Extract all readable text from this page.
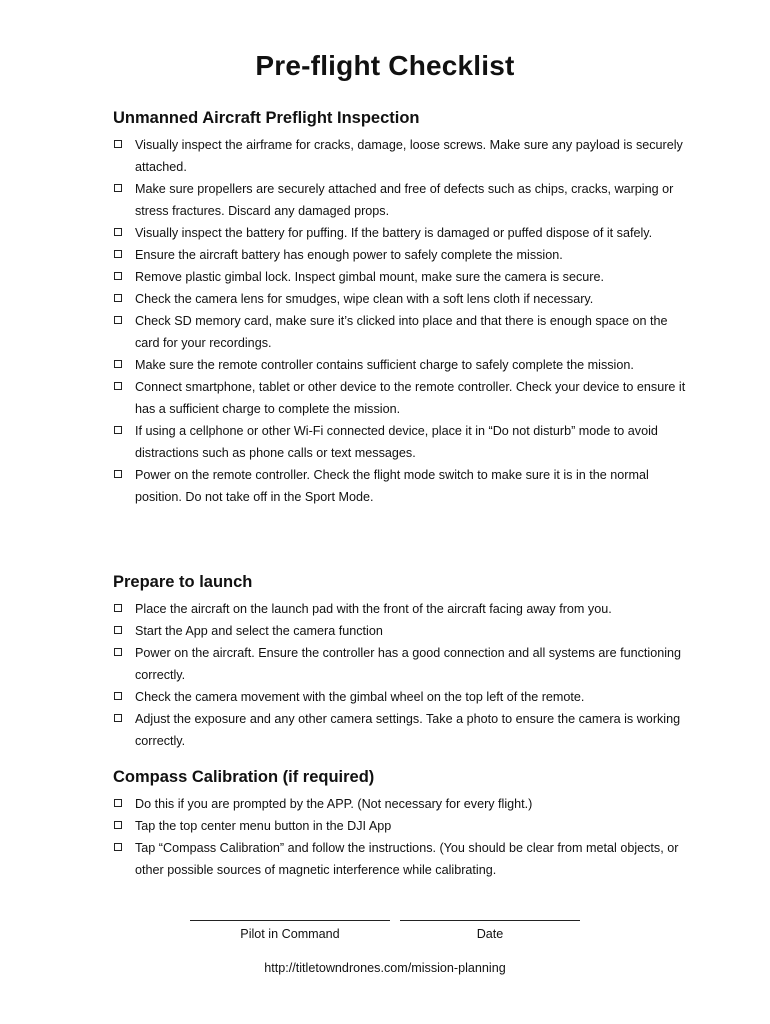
Pre-flight Checklist
Unmanned Aircraft Preflight Inspection
Visually inspect the airframe for cracks, damage, loose screws. Make sure any payload is securely attached.
Make sure propellers are securely attached and free of defects such as chips, cracks, warping or stress fractures. Discard any damaged props.
Visually inspect the battery for puffing. If the battery is damaged or puffed dispose of it safely.
Ensure the aircraft battery has enough power to safely complete the mission.
Remove plastic gimbal lock. Inspect gimbal mount, make sure the camera is secure.
Check the camera lens for smudges, wipe clean with a soft lens cloth if necessary.
Check SD memory card, make sure it’s clicked into place and that there is enough space on the card for your recordings.
Make sure the remote controller contains sufficient charge to safely complete the mission.
Connect smartphone, tablet or other device to the remote controller. Check your device to ensure it has a sufficient charge to complete the mission.
If using a cellphone or other Wi-Fi connected device, place it in “Do not disturb” mode to avoid distractions such as phone calls or text messages.
Power on the remote controller. Check the flight mode switch to make sure it is in the normal position. Do not take off in the Sport Mode.
Prepare to launch
Place the aircraft on the launch pad with the front of the aircraft facing away from you.
Start the App and select the camera function
Power on the aircraft. Ensure the controller has a good connection and all systems are functioning correctly.
Check the camera movement with the gimbal wheel on the top left of the remote.
Adjust the exposure and any other camera settings. Take a photo to ensure the camera is working correctly.
Compass Calibration (if required)
Do this if you are prompted by the APP. (Not necessary for every flight.)
Tap the top center menu button in the DJI App
Tap “Compass Calibration” and follow the instructions. (You should be clear from metal objects, or other possible sources of magnetic interference while calibrating.
Pilot in Command	Date
http://titletowndrones.com/mission-planning
